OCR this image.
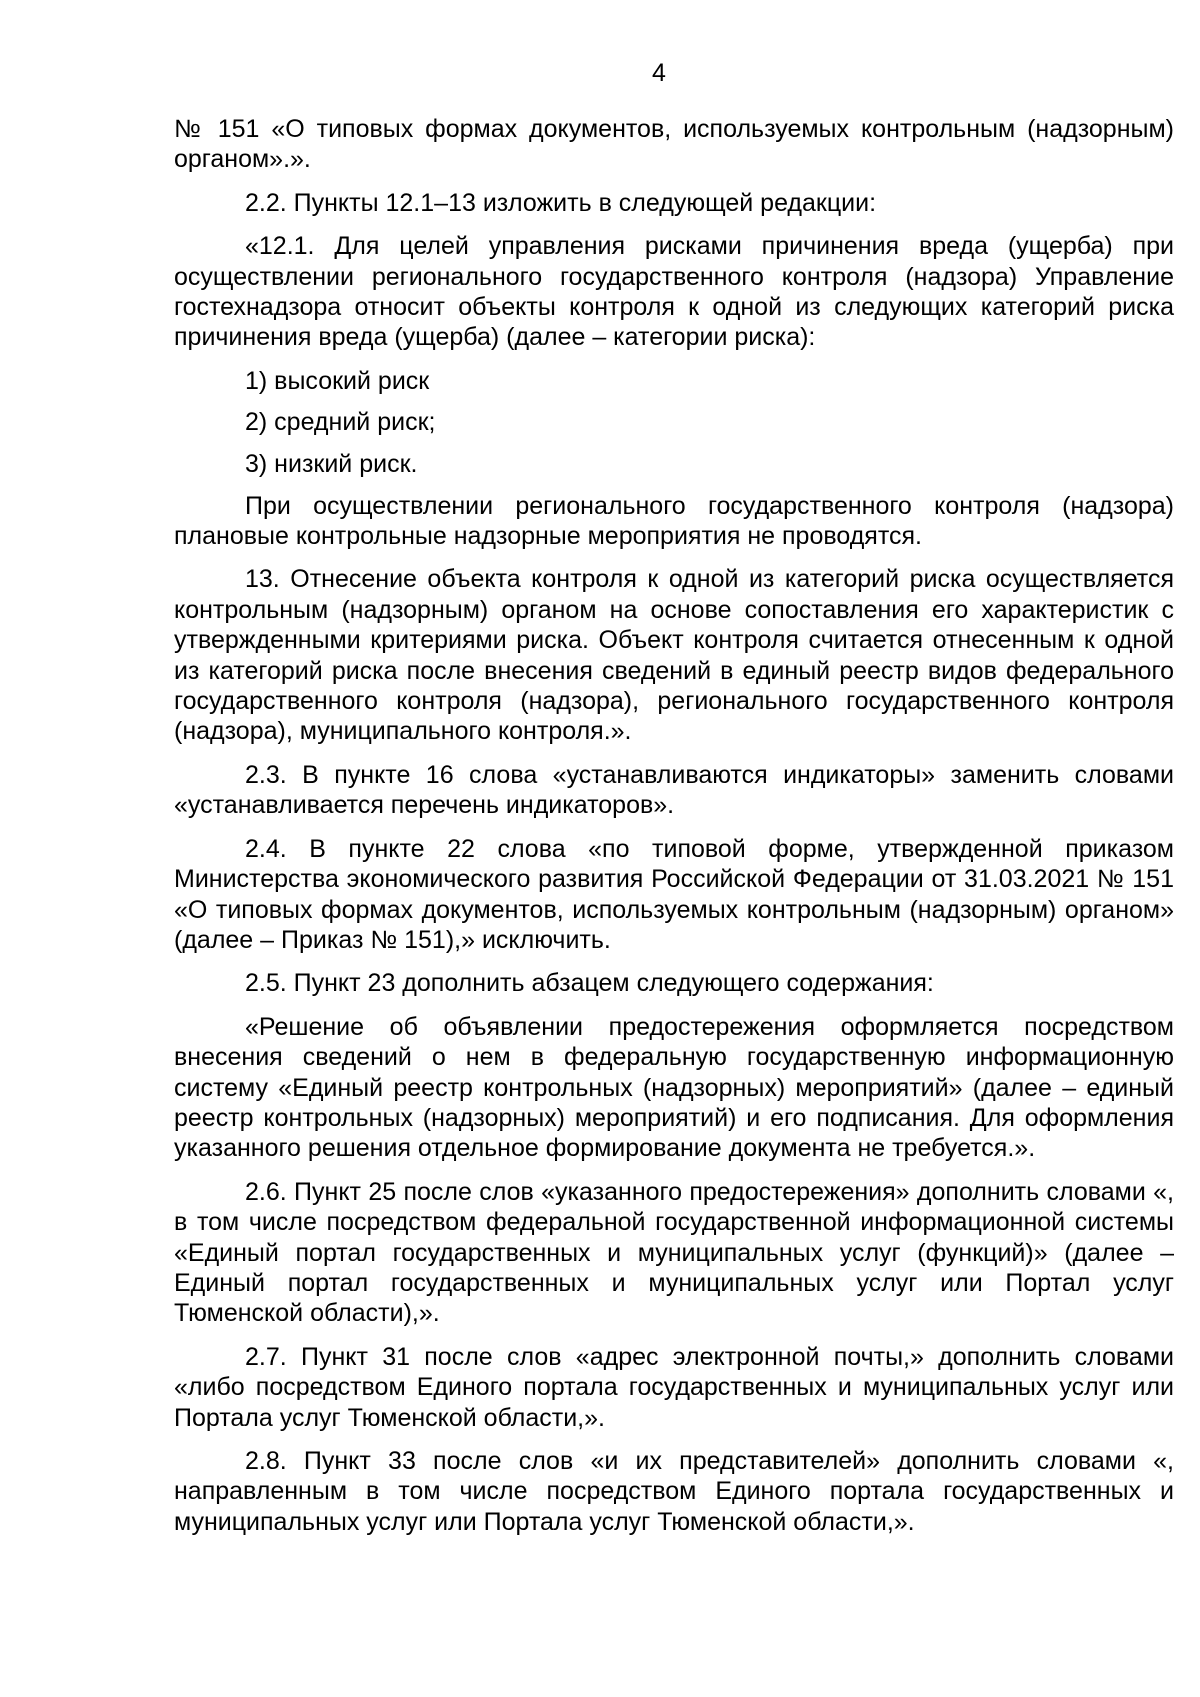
4

№ 151 «О типовых формах документов, используемых контрольным (надзорным) органом».».

2.2. Пункты 12.1–13 изложить в следующей редакции:

«12.1. Для целей управления рисками причинения вреда (ущерба) при осуществлении регионального государственного контроля (надзора) Управление гостехнадзора относит объекты контроля к одной из следующих категорий риска причинения вреда (ущерба) (далее – категории риска):

1) высокий риск

2) средний риск;

3) низкий риск.

При осуществлении регионального государственного контроля (надзора) плановые контрольные надзорные мероприятия не проводятся.

13. Отнесение объекта контроля к одной из категорий риска осуществляется контрольным (надзорным) органом на основе сопоставления его характеристик с утвержденными критериями риска. Объект контроля считается отнесенным к одной из категорий риска после внесения сведений в единый реестр видов федерального государственного контроля (надзора), регионального государственного контроля (надзора), муниципального контроля.».

2.3. В пункте 16 слова «устанавливаются индикаторы» заменить словами «устанавливается перечень индикаторов».

2.4. В пункте 22 слова «по типовой форме, утвержденной приказом Министерства экономического развития Российской Федерации от 31.03.2021 № 151 «О типовых формах документов, используемых контрольным (надзорным) органом» (далее – Приказ № 151),» исключить.

2.5. Пункт 23 дополнить абзацем следующего содержания:

«Решение об объявлении предостережения оформляется посредством внесения сведений о нем в федеральную государственную информационную систему «Единый реестр контрольных (надзорных) мероприятий» (далее – единый реестр контрольных (надзорных) мероприятий) и его подписания. Для оформления указанного решения отдельное формирование документа не требуется.».

2.6. Пункт 25 после слов «указанного предостережения» дополнить словами «, в том числе посредством федеральной государственной информационной системы «Единый портал государственных и муниципальных услуг (функций)» (далее – Единый портал государственных и муниципальных услуг или Портал услуг Тюменской области),».

2.7. Пункт 31 после слов «адрес электронной почты,» дополнить словами «либо посредством Единого портала государственных и муниципальных услуг или Портала услуг Тюменской области,».

2.8. Пункт 33 после слов «и их представителей» дополнить словами «, направленным в том числе посредством Единого портала государственных и муниципальных услуг или Портала услуг Тюменской области,».
